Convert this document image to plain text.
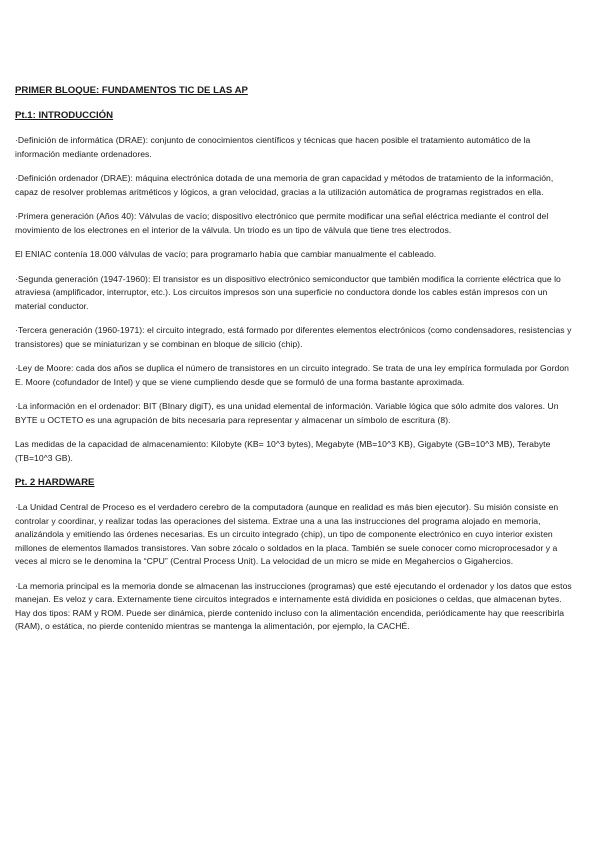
PRIMER BLOQUE: FUNDAMENTOS TIC DE LAS AP
Pt.1: INTRODUCCIÓN

·Definición de informática (DRAE): conjunto de conocimientos científicos y técnicas que hacen posible el tratamiento automático de la información mediante ordenadores.

·Definición ordenador (DRAE): máquina electrónica dotada de una memoria de gran capacidad y métodos de tratamiento de la información, capaz de resolver problemas aritméticos y lógicos, a gran velocidad, gracias a la utilización automática de programas registrados en ella.

·Primera generación (Años 40): Válvulas de vacío; dispositivo electrónico que permite modificar una señal eléctrica mediante el control del movimiento de los electrones en el interior de la válvula. Un triodo es un tipo de válvula que tiene tres electrodos.

El ENIAC contenía 18.000 válvulas de vacío; para programarlo había que cambiar manualmente el cableado.

·Segunda generación (1947-1960): El transistor es un dispositivo electrónico semiconductor que también modifica la corriente eléctrica que lo atraviesa (amplificador, interruptor, etc.). Los circuitos impresos son una superficie no conductora donde los cables están impresos con un material conductor.

·Tercera generación (1960-1971): el circuito integrado, está formado por diferentes elementos electrónicos (como condensadores, resistencias y transistores) que se miniaturizan y se combinan en bloque de silicio (chip).

·Ley de Moore: cada dos años se duplica el número de transistores en un circuito integrado. Se trata de una ley empírica formulada por Gordon E. Moore (cofundador de Intel) y que se viene cumpliendo desde que se formuló de una forma bastante aproximada.

·La información en el ordenador: BIT (BInary digiT), es una unidad elemental de información. Variable lógica que sólo admite dos valores. Un BYTE u OCTETO es una agrupación de bits necesaria para representar y almacenar un símbolo de escritura (8).

Las medidas de la capacidad de almacenamiento: Kilobyte (KB= 10^3 bytes), Megabyte (MB=10^3 KB), Gigabyte (GB=10^3 MB), Terabyte (TB=10^3 GB).

Pt. 2 HARDWARE

·La Unidad Central de Proceso es el verdadero cerebro de la computadora (aunque en realidad es más bien ejecutor). Su misión consiste en controlar y coordinar, y realizar todas las operaciones del sistema. Extrae una a una las instrucciones del programa alojado en memoria, analizándola y emitiendo las órdenes necesarias. Es un circuito integrado (chip), un tipo de componente electrónico en cuyo interior existen millones de elementos llamados transistores. Van sobre zócalo o soldados en la placa. También se suele conocer como microprocesador y a veces al micro se le denomina la “CPU” (Central Process Unit). La velocidad de un micro se mide en Megahercios o Gigahercios.

·La memoria principal es la memoria donde se almacenan las instrucciones (programas) que esté ejecutando el ordenador y los datos que estos manejan. Es veloz y cara. Externamente tiene circuitos integrados e internamente está dividida en posiciones o celdas, que almacenan bytes. Hay dos tipos: RAM y ROM. Puede ser dinámica, pierde contenido incluso con la alimentación encendida, periódicamente hay que reescribirla (RAM), o estática, no pierde contenido mientras se mantenga la alimentación, por ejemplo, la CACHÉ.
